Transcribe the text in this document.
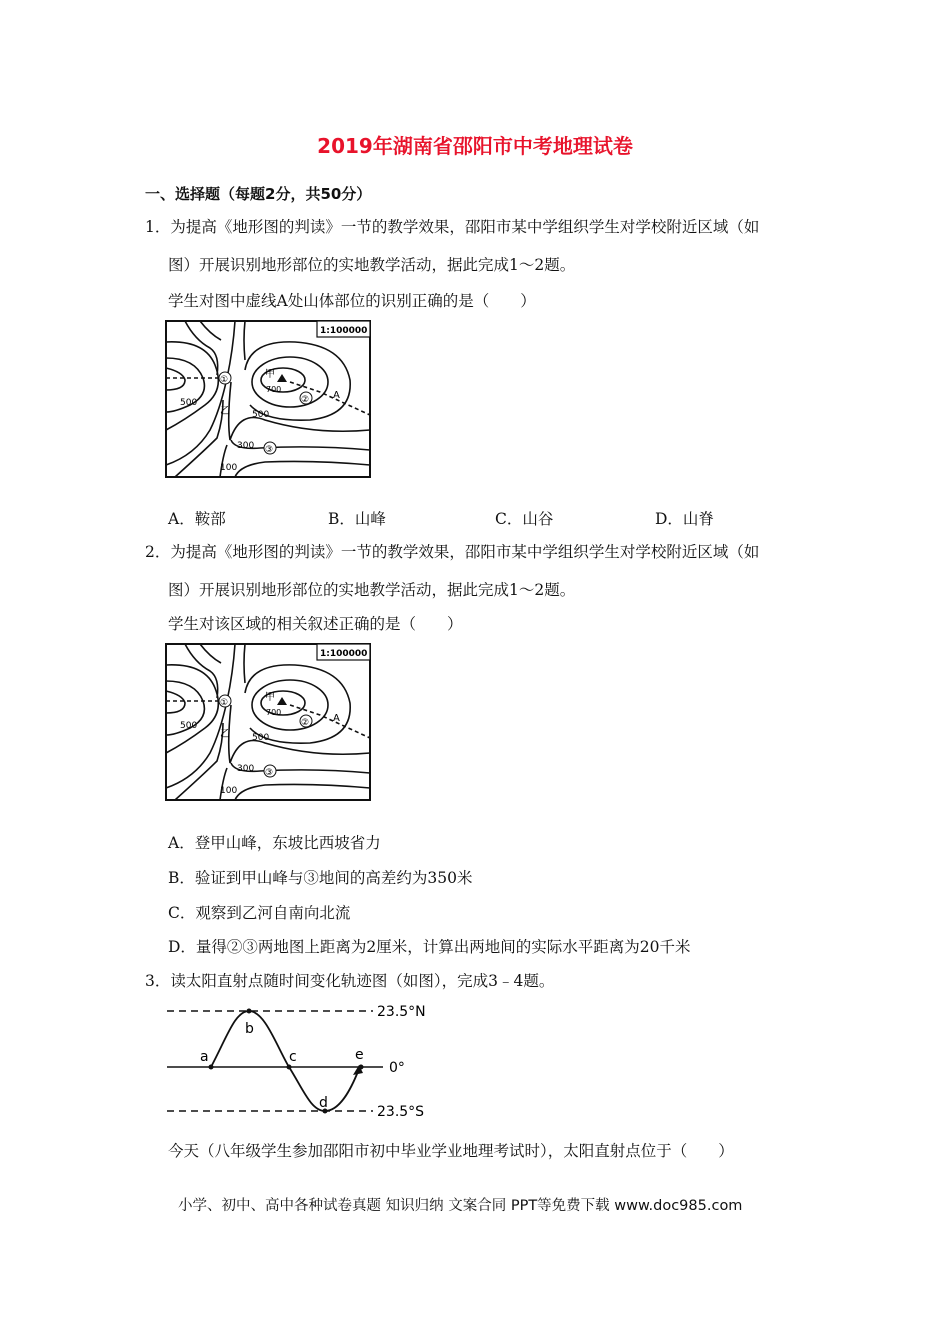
2019年湖南省邵阳市中考地理试卷
一、选择题（每题2分，共50分）
1．为提高《地形图的判读》一节的教学效果，邵阳市某中学组织学生对学校附近区域（如
图）开展识别地形部位的实地教学活动，据此完成1～2题。
学生对图中虚线A处山体部位的识别正确的是（　　）
1:100000
甲
700
500
500
300
100
乙
①
②
③
A
A．鞍部	B．山峰	C．山谷	D．山脊
2．为提高《地形图的判读》一节的教学效果，邵阳市某中学组织学生对学校附近区域（如
图）开展识别地形部位的实地教学活动，据此完成1～2题。
学生对该区域的相关叙述正确的是（　　）
1:100000
甲
700
500
500
300
100
乙
①
②
③
A
A．登甲山峰，东坡比西坡省力
B．验证到甲山峰与③地间的高差约为350米
C．观察到乙河自南向北流
D．量得②③两地图上距离为2厘米，计算出两地间的实际水平距离为20千米
3．读太阳直射点随时间变化轨迹图（如图），完成3﹣4题。
23.5°N
0°
23.5°S
a
b
c
d
e
今天（八年级学生参加邵阳市初中毕业学业地理考试时），太阳直射点位于（　　）
小学、初中、高中各种试卷真题 知识归纳 文案合同 PPT等免费下载 www.doc985.com
